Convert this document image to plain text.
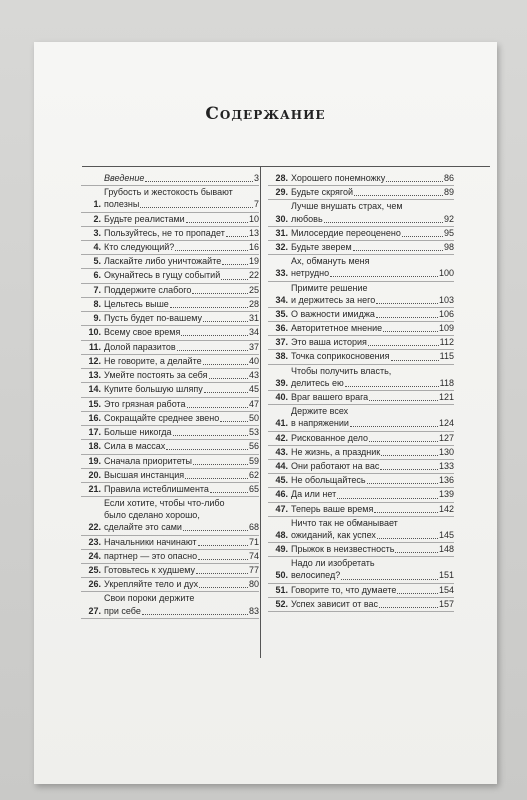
Содержание
Введение	3
1.
Грубость и жестокость бывают
полезны	7
2. Будьте реалистами	10
3. Пользуйтесь, не то пропадет	13
4. Кто следующий?	16
5. Ласкайте либо уничтожайте	19
6. Окунайтесь в гущу событий	22
7. Поддержите слабого	25
8. Цельтесь выше	28
9. Пусть будет по-вашему	31
10. Всему свое время	34
11. Долой паразитов	37
12. Не говорите, а делайте	40
13. Умейте постоять за себя	43
14. Купите большую шляпу	45
15. Это грязная работа	47
16. Сокращайте среднее звено	50
17. Больше никогда	53
18. Сила в массах	56
19. Сначала приоритеты	59
20. Высшая инстанция	62
21. Правила истеблишмента	65
22.
Если хотите, чтобы что-либо
было сделано хорошо,
сделайте это сами	68
23. Начальники начинают	71
24. партнер — это опасно	74
25. Готовьтесь к худшему	77
26. Укрепляйте тело и дух	80
27.
Свои пороки держите
при себе	83
28. Хорошего понемножку	86
29. Будьте скрягой	89
30.
Лучше внушать страх, чем
любовь	92
31. Милосердие переоценено	95
32. Будьте зверем	98
33.
Ах, обмануть меня
нетрудно	100
34.
Примите решение
и держитесь за него	103
35. О важности имиджа	106
36. Авторитетное мнение	109
37. Это ваша история	112
38. Точка соприкосновения	115
39.
Чтобы получить власть,
делитесь ею	118
40. Враг вашего врага	121
41.
Держите всех
в напряжении	124
42. Рискованное дело	127
43. Не жизнь, а праздник	130
44. Они работают на вас	133
45. Не обольщайтесь	136
46. Да или нет	139
47. Теперь ваше время	142
48.
Ничто так не обманывает
ожиданий, как успех	145
49. Прыжок в неизвестность	148
50.
Надо ли изобретать
велосипед?	151
51. Говорите то, что думаете	154
52. Успех зависит от вас	157
